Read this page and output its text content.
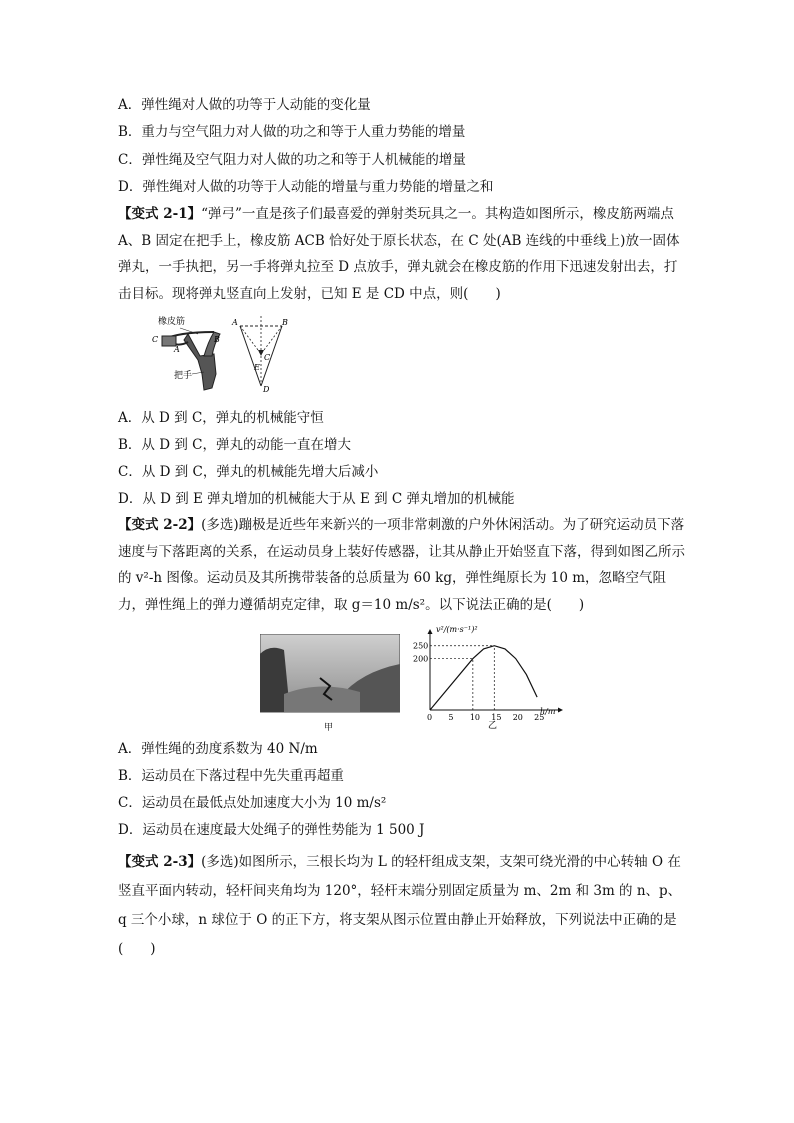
A．弹性绳对人做的功等于人动能的变化量
B．重力与空气阻力对人做的功之和等于人重力势能的增量
C．弹性绳及空气阻力对人做的功之和等于人机械能的增量
D．弹性绳对人做的功等于人动能的增量与重力势能的增量之和
【变式 2-1】“弹弓”一直是孩子们最喜爱的弹射类玩具之一。其构造如图所示，橡皮筋两端点 A、B 固定在把手上，橡皮筋 ACB 恰好处于原长状态，在 C 处(AB 连线的中垂线上)放一固体弹丸，一手执把，另一手将弹丸拉至 D 点放手，弹丸就会在橡皮筋的作用下迅速发射出去，打击目标。现将弹丸竖直向上发射，已知 E 是 CD 中点，则(　　)
橡皮筋
C
A
B
把手
A	B
C
E
D
A．从 D 到 C，弹丸的机械能守恒
B．从 D 到 C，弹丸的动能一直在增大
C．从 D 到 C，弹丸的机械能先增大后减小
D．从 D 到 E 弹丸增加的机械能大于从 E 到 C 弹丸增加的机械能
【变式 2-2】(多选)蹦极是近些年来新兴的一项非常刺激的户外休闲活动。为了研究运动员下落速度与下落距离的关系，在运动员身上装好传感器，让其从静止开始竖直下落，得到如图乙所示的 v²-h 图像。运动员及其所携带装备的总质量为 60 kg，弹性绳原长为 10 m，忽略空气阻力，弹性绳上的弹力遵循胡克定律，取 g＝10 m/s²。以下说法正确的是(　　)
甲
v²/(m·s⁻¹)²
h/m
乙
0 5 10 15 20 25
200
250
A．弹性绳的劲度系数为 40 N/m
B．运动员在下落过程中先失重再超重
C．运动员在最低点处加速度大小为 10 m/s²
D．运动员在速度最大处绳子的弹性势能为 1 500 J
【变式 2-3】(多选)如图所示，三根长均为 L 的轻杆组成支架，支架可绕光滑的中心转轴 O 在竖直平面内转动，轻杆间夹角均为 120°，轻杆末端分别固定质量为 m、2m 和 3m 的 n、p、q 三个小球，n 球位于 O 的正下方，将支架从图示位置由静止开始释放，下列说法中正确的是(　　)
